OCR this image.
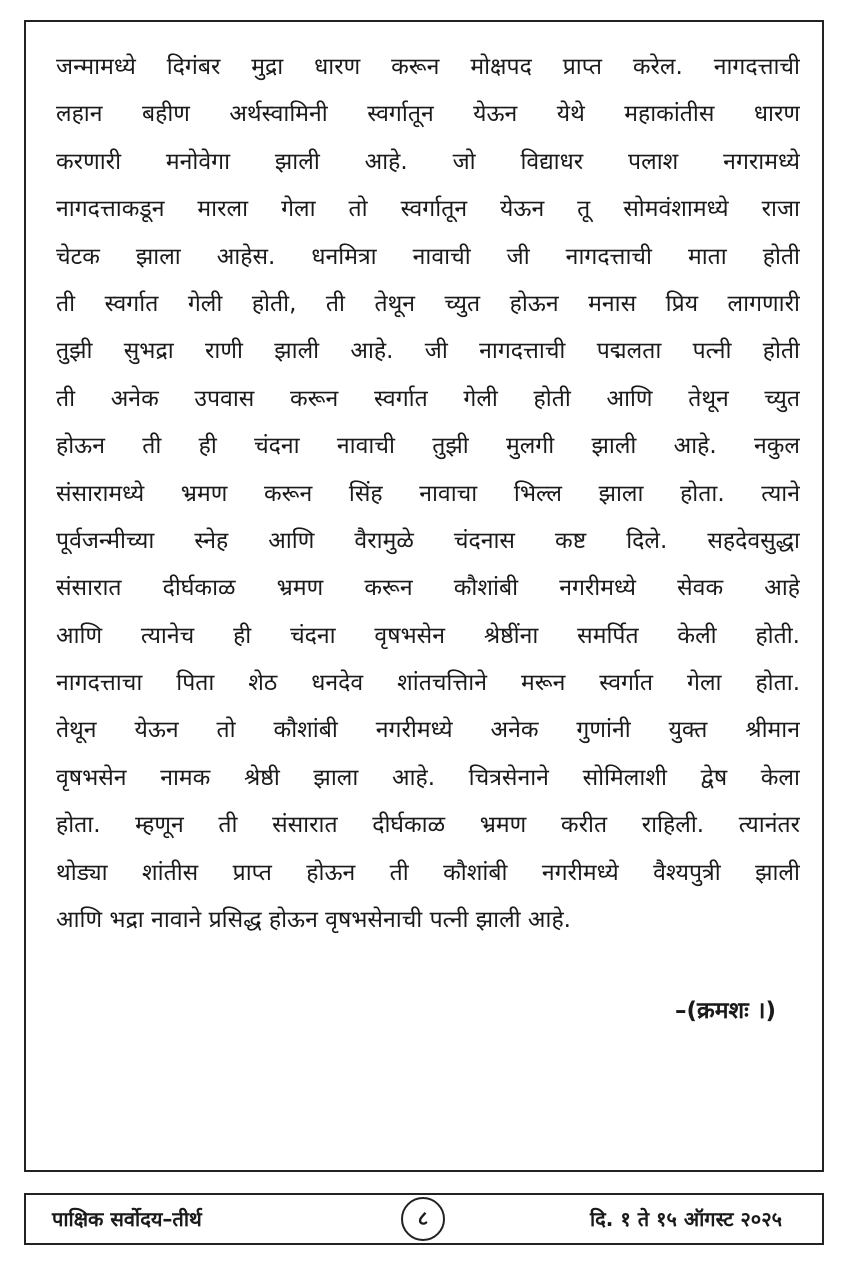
जन्मामध्ये दिगंबर मुद्रा धारण करून मोक्षपद प्राप्त करेल. नागदत्ताची
लहान बहीण अर्थस्वामिनी स्वर्गातून येऊन येथे महाकांतीस धारण
करणारी मनोवेगा झाली आहे. जो विद्याधर पलाश नगरामध्ये
नागदत्ताकडून मारला गेला तो स्वर्गातून येऊन तू सोमवंशामध्ये राजा
चेटक झाला आहेस. धनमित्रा नावाची जी नागदत्ताची माता होती
ती स्वर्गात गेली होती, ती तेथून च्युत होऊन मनास प्रिय लागणारी
तुझी सुभद्रा राणी झाली आहे. जी नागदत्ताची पद्मलता पत्नी होती
ती अनेक उपवास करून स्वर्गात गेली होती आणि तेथून च्युत
होऊन ती ही चंदना नावाची तुझी मुलगी झाली आहे. नकुल
संसारामध्ये भ्रमण करून सिंह नावाचा भिल्ल झाला होता. त्याने
पूर्वजन्मीच्या स्नेह आणि वैरामुळे चंदनास कष्ट दिले. सहदेवसुद्धा
संसारात दीर्घकाळ भ्रमण करून कौशांबी नगरीमध्ये सेवक आहे
आणि त्यानेच ही चंदना वृषभसेन श्रेष्ठींना समर्पित केली होती.
नागदत्ताचा पिता शेठ धनदेव शांतचत्तिाने मरून स्वर्गात गेला होता.
तेथून येऊन तो कौशांबी नगरीमध्ये अनेक गुणांनी युक्त श्रीमान
वृषभसेन नामक श्रेष्ठी झाला आहे. चित्रसेनाने सोमिलाशी द्वेष केला
होता. म्हणून ती संसारात दीर्घकाळ भ्रमण करीत राहिली. त्यानंतर
थोड्या शांतीस प्राप्त होऊन ती कौशांबी नगरीमध्ये वैश्यपुत्री झाली
आणि भद्रा नावाने प्रसिद्ध होऊन वृषभसेनाची पत्नी झाली आहे.
–(क्रमशः ।)
पाक्षिक सर्वोदय–तीर्थ	८	दि. १ ते १५ ऑगस्ट २०२५
